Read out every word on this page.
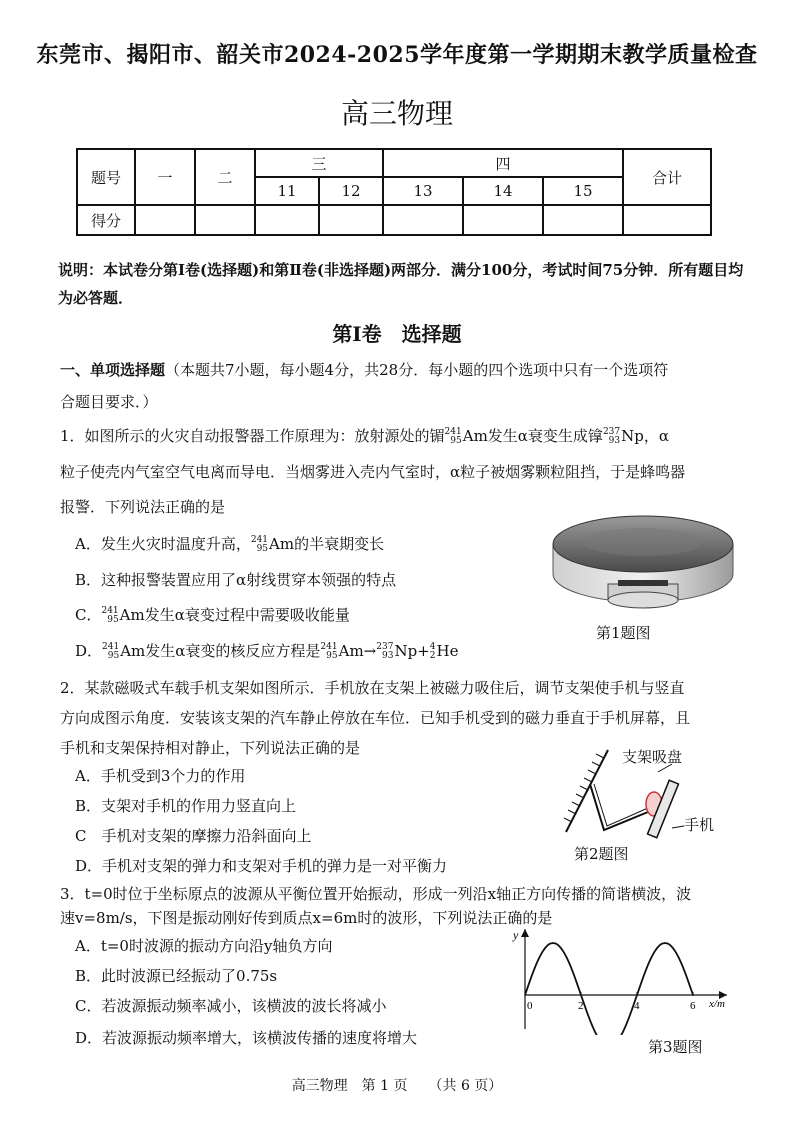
东莞市、揭阳市、韶关市2024-2025学年度第一学期期末教学质量检查
高三物理
题号	一	二	三		四			合计
			11	12	13	14	15	
得分								
说明：本试卷分第Ⅰ卷(选择题)和第Ⅱ卷(非选择题)两部分．满分100分，考试时间75分钟．所有题目均为必答题．
第Ⅰ卷　选择题
一、单项选择题（本题共7小题，每小题4分，共28分．每小题的四个选项中只有一个选项符
合题目要求．）
1．如图所示的火灾自动报警器工作原理为：放射源处的镅 241
95 Am发生α衰变生成镎 237
93 Np，α
粒子使壳内气室空气电离而导电．当烟雾进入壳内气室时，α粒子被烟雾颗粒阻挡，于是蜂鸣器
报警．下列说法正确的是
A．发生火灾时温度升高， 241
95 Am的半衰期变长
B．这种报警装置应用了α射线贯穿本领强的特点
C． 241
95 Am发生α衰变过程中需要吸收能量
D． 241
95 Am发生α衰变的核反应方程是 241
95 Am→ 237
93 Np+ 4
2 He
第1题图
2．某款磁吸式车载手机支架如图所示．手机放在支架上被磁力吸住后，调节支架使手机与竖直
方向成图示角度．安装该支架的汽车静止停放在车位．已知手机受到的磁力垂直于手机屏幕，且
手机和支架保持相对静止，下列说法正确的是
A．手机受到3个力的作用
B．支架对手机的作用力竖直向上
C　手机对支架的摩擦力沿斜面向上
D．手机对支架的弹力和支架对手机的弹力是一对平衡力
支架吸盘
手机
第2题图
3．t=0时位于坐标原点的波源从平衡位置开始振动，形成一列沿x轴正方向传播的简谐横波，波
速v=8m/s，下图是振动刚好传到质点x=6m时的波形，下列说法正确的是
A．t=0时波源的振动方向沿y轴负方向
B．此时波源已经振动了0.75s
C．若波源振动频率减小，该横波的波长将减小
D．若波源振动频率增大，该横波传播的速度将增大
y
x/m
0	2	4	6
第3题图
高三物理　第 1 页　　（共 6 页）
